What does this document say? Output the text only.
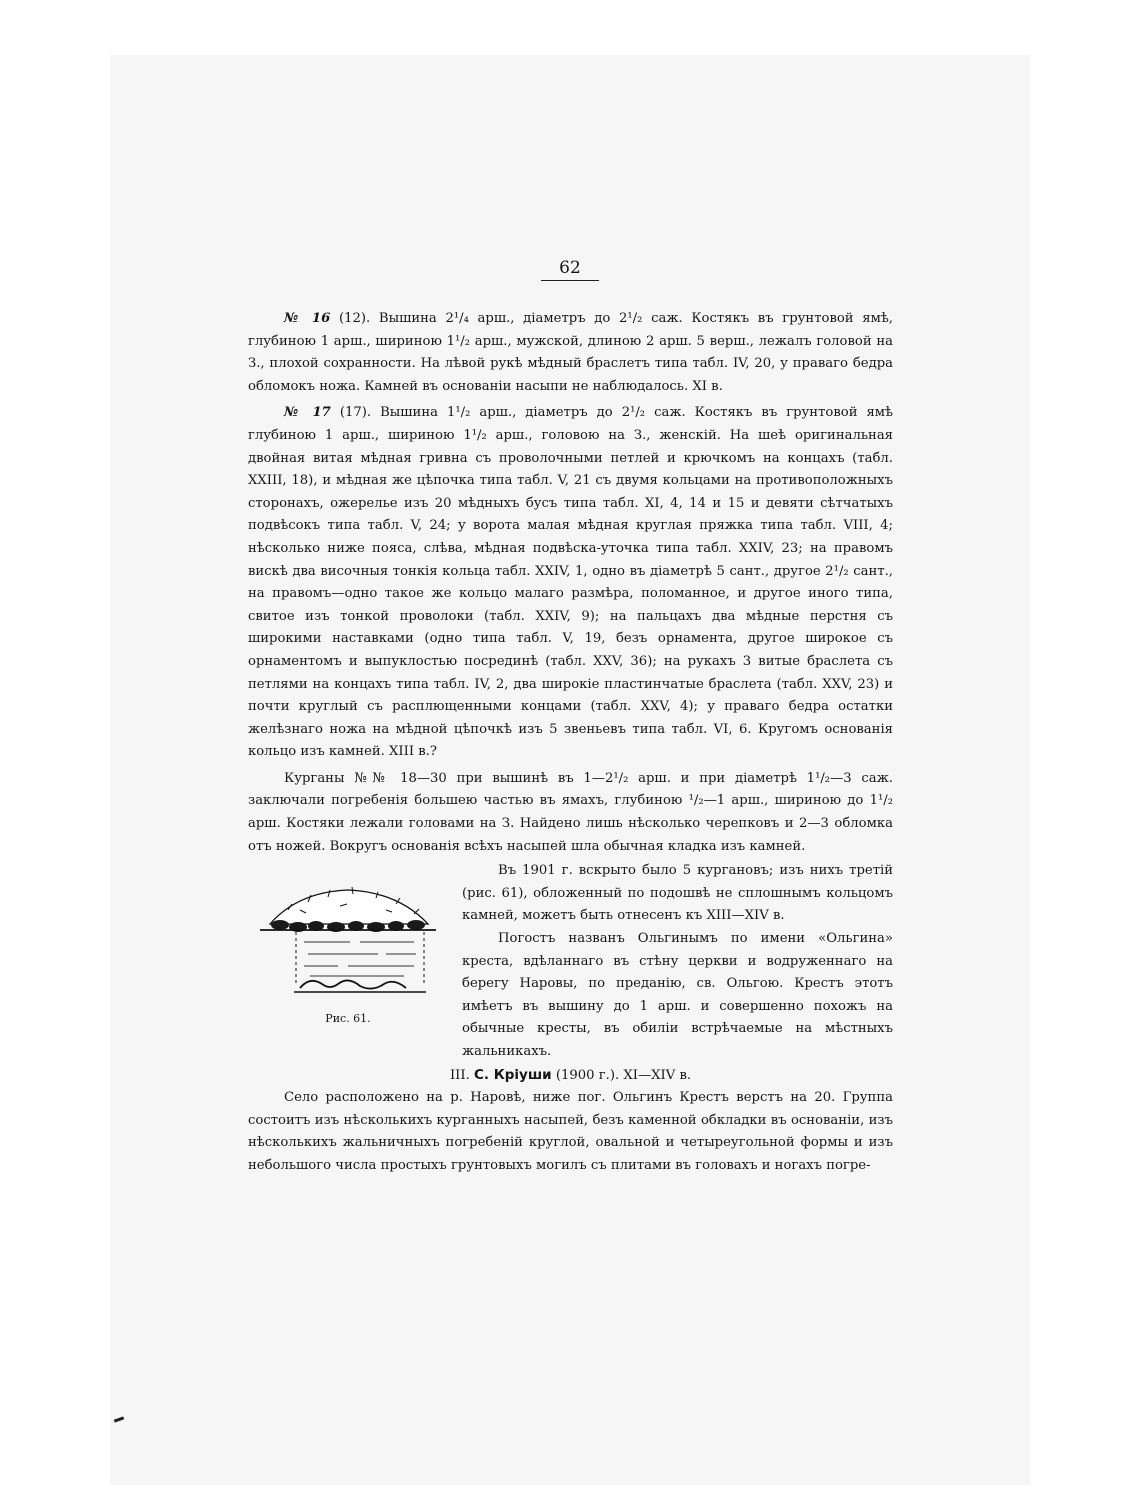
62

№ 16 (12). Вышина 2¹/₄ арш., діаметръ до 2¹/₂ саж. Костякъ въ грунтовой ямѣ, глубиною 1 арш., шириною 1¹/₂ арш., мужской, длиною 2 арш. 5 верш., лежалъ головой на З., плохой сохранности. На лѣвой рукѣ мѣдный браслетъ типа табл. IV, 20, у праваго бедра обломокъ ножа. Камней въ основаніи насыпи не наблюдалось. XI в.

№ 17 (17). Вышина 1¹/₂ арш., діаметръ до 2¹/₂ саж. Костякъ въ грунтовой ямѣ глубиною 1 арш., шириною 1¹/₂ арш., головою на З., женскій. На шеѣ оригинальная двойная витая мѣдная гривна съ проволочными петлей и крючкомъ на концахъ (табл. XXIII, 18), и мѣдная же цѣпочка типа табл. V, 21 съ двумя кольцами на противоположныхъ сторонахъ, ожерелье изъ 20 мѣдныхъ бусъ типа табл. XI, 4, 14 и 15 и девяти сѣтчатыхъ подвѣсокъ типа табл. V, 24; у ворота малая мѣдная круглая пряжка типа табл. VIII, 4; нѣсколько ниже пояса, слѣва, мѣдная подвѣска-уточка типа табл. XXIV, 23; на правомъ вискѣ два височныя тонкія кольца табл. XXIV, 1, одно въ діаметрѣ 5 сант., другое 2¹/₂ сант., на правомъ—одно такое же кольцо малаго размѣра, поломанное, и другое иного типа, свитое изъ тонкой проволоки (табл. XXIV, 9); на пальцахъ два мѣдные перстня съ широкими наставками (одно типа табл. V, 19, безъ орнамента, другое широкое съ орнаментомъ и выпуклостью посрединѣ (табл. XXV, 36); на рукахъ 3 витые браслета съ петлями на концахъ типа табл. IV, 2, два широкіе пластинчатые браслета (табл. XXV, 23) и почти круглый съ расплющенными концами (табл. XXV, 4); у праваго бедра остатки желѣзнаго ножа на мѣдной цѣпочкѣ изъ 5 звеньевъ типа табл. VI, 6. Кругомъ основанія кольцо изъ камней. XIII в.?

Курганы №№ 18—30 при вышинѣ въ 1—2¹/₂ арш. и при діаметрѣ 1¹/₂—3 саж. заключали погребенія большею частью въ ямахъ, глубиною ¹/₂—1 арш., шириною до 1¹/₂ арш. Костяки лежали головами на З. Найдено лишь нѣсколько черепковъ и 2—3 обломка отъ ножей. Вокругъ основанія всѣхъ насыпей шла обычная кладка изъ камней.

Рис. 61.

Въ 1901 г. вскрыто было 5 кургановъ; изъ нихъ третій (рис. 61), обложенный по подошвѣ не сплошнымъ кольцомъ камней, можетъ быть отнесенъ къ XIII—XIV в.

Погостъ названъ Ольгинымъ по имени «Ольгина» креста, вдѣланнаго въ стѣну церкви и водруженнаго на берегу Наровы, по преданію, св. Ольгою. Крестъ этотъ имѣетъ въ вышину до 1 арш. и совершенно похожъ на обычные кресты, въ обиліи встрѣчаемые на мѣстныхъ жальникахъ.

III. С. Кріуши (1900 г.). XI—XIV в.

Село расположено на р. Наровѣ, ниже пог. Ольгинъ Крестъ верстъ на 20. Группа состоитъ изъ нѣсколькихъ курганныхъ насыпей, безъ каменной обкладки въ основаніи, изъ нѣсколькихъ жальничныхъ погребеній круглой, овальной и четыреугольной формы и изъ небольшого числа простыхъ грунтовыхъ могилъ съ плитами въ головахъ и ногахъ погре-
